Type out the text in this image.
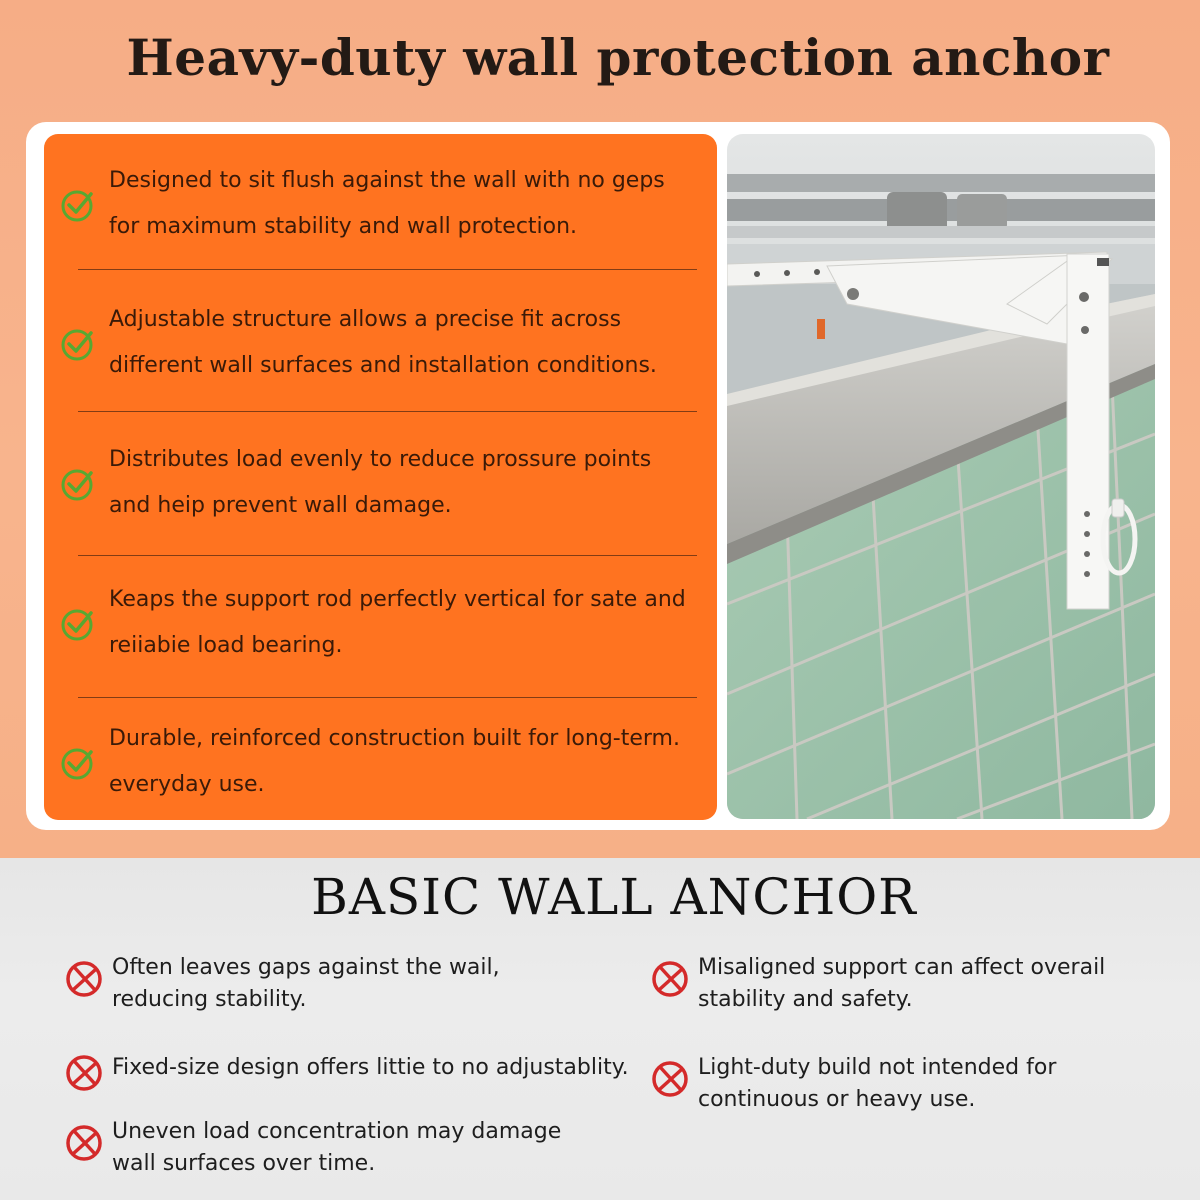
Heavy-duty wall protection anchor
Designed to sit flush against the wall with no geps
for maximum stability and wall protection.
Adjustable structure allows a precise fit across
different wall surfaces and installation conditions.
Distributes load evenly to reduce prossure points
and heip prevent wall damage.
Keaps the support rod perfectly vertical for sate and
reiiabie load bearing.
Durable, reinforced construction built for long-term.
everyday use.
BASIC WALL ANCHOR
Often leaves gaps against the wail,
reducing stability.
Fixed-size design offers littie to no adjustablity.
Uneven load concentration may damage
wall surfaces over time.
Misaligned support can affect overail
stability and safety.
Light-duty build not intended for
continuous or heavy use.
